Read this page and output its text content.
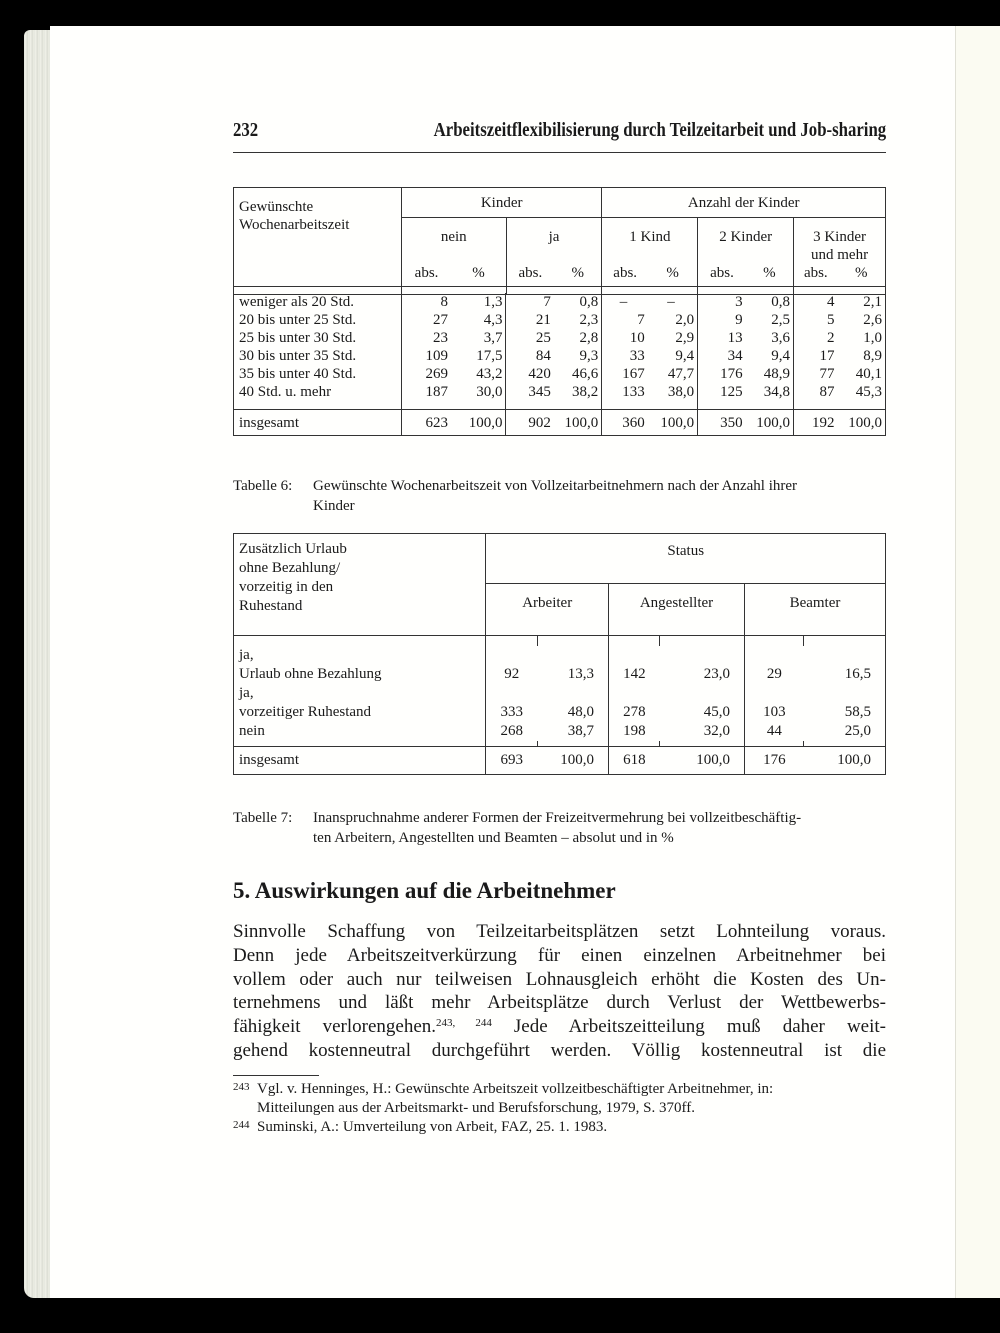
232	Arbeitszeitflexibilisierung durch Teilzeitarbeit und Job-sharing
Gewünschte
Wochenarbeitszeit	Kinder				Anzahl der Kinder					
	nein		ja		1 Kind		2 Kinder		3 Kinder
und mehr	

	abs.	%	abs.	%	abs.	%	abs.	%	abs.	%

weniger als 20 Std.	8	1,3	7	0,8	–	–	3	0,8	4	2,1
20 bis unter 25 Std.	27	4,3	21	2,3	7	2,0	9	2,5	5	2,6
25 bis unter 30 Std.	23	3,7	25	2,8	10	2,9	13	3,6	2	1,0
30 bis unter 35 Std.	109	17,5	84	9,3	33	9,4	34	9,4	17	8,9
35 bis unter 40 Std.	269	43,2	420	46,6	167	47,7	176	48,9	77	40,1
40 Std. u. mehr	187	30,0	345	38,2	133	38,0	125	34,8	87	45,3

insgesamt	623	100,0	902	100,0	360	100,0	350	100,0	192	100,0
Tabelle 6: Gewünschte Wochenarbeitszeit von Vollzeitarbeitnehmern nach der Anzahl ihrer
Kinder
Zusätzlich Urlaub
ohne Bezahlung/
vorzeitig in den
Ruhestand	Status					
	Arbeiter		Angestellter		Beamter	

ja,
Urlaub ohne Bezahlung	92	13,3	142	23,0	29	16,5

ja,
vorzeitiger Ruhestand	333	48,0	278	45,0	103	58,5

nein	268	38,7	198	32,0	44	25,0

insgesamt	693	100,0	618	100,0	176	100,0
Tabelle 7: Inanspruchnahme anderer Formen der Freizeitvermehrung bei vollzeitbeschäftig-
ten Arbeitern, Angestellten und Beamten – absolut und in %
5. Auswirkungen auf die Arbeitnehmer
Sinnvolle Schaffung von Teilzeitarbeitsplätzen setzt Lohnteilung voraus.
Denn jede Arbeitszeitverkürzung für einen einzelnen Arbeitnehmer bei
vollem oder auch nur teilweisen Lohnausgleich erhöht die Kosten des Un-
ternehmens und läßt mehr Arbeitsplätze durch Verlust der Wettbewerbs-
fähigkeit verlorengehen.$^{243, 244}$ Jede Arbeitszeitteilung muß daher weit-
gehend kostenneutral durchgeführt werden. Völlig kostenneutral ist die
243 Vgl. v. Henninges, H.: Gewünschte Arbeitszeit vollzeitbeschäftigter Arbeitnehmer, in:
Mitteilungen aus der Arbeitsmarkt- und Berufsforschung, 1979, S. 370ff.
244 Suminski, A.: Umverteilung von Arbeit, FAZ, 25. 1. 1983.
